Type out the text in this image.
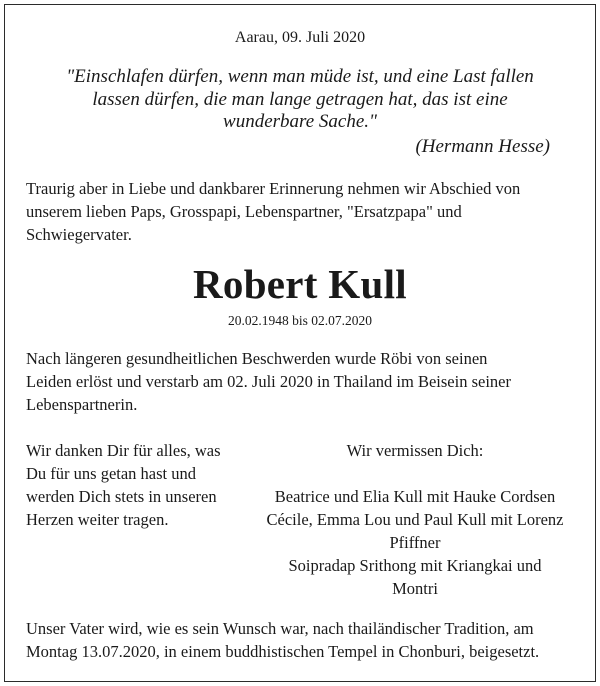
Aarau, 09. Juli 2020
"Einschlafen dürfen, wenn man müde ist, und eine Last fallen
lassen dürfen, die man lange getragen hat, das ist eine
wunderbare Sache."
(Hermann Hesse)
Traurig aber in Liebe und dankbarer Erinnerung nehmen wir Abschied von
unserem lieben Paps, Grosspapi, Lebenspartner, "Ersatzpapa" und
Schwiegervater.
Robert Kull
20.02.1948 bis 02.07.2020
Nach längeren gesundheitlichen Beschwerden wurde Röbi von seinen
Leiden erlöst und verstarb am 02. Juli 2020 in Thailand im Beisein seiner
Lebenspartnerin.
Wir danken Dir für alles, was
Du für uns getan hast und
werden Dich stets in unseren
Herzen weiter tragen.
Wir vermissen Dich:
Beatrice und Elia Kull mit Hauke Cordsen
Cécile, Emma Lou und Paul Kull mit Lorenz
Pfiffner
Soipradap Srithong mit Kriangkai und
Montri
Unser Vater wird, wie es sein Wunsch war, nach thailändischer Tradition, am
Montag 13.07.2020, in einem buddhistischen Tempel in Chonburi, beigesetzt.
